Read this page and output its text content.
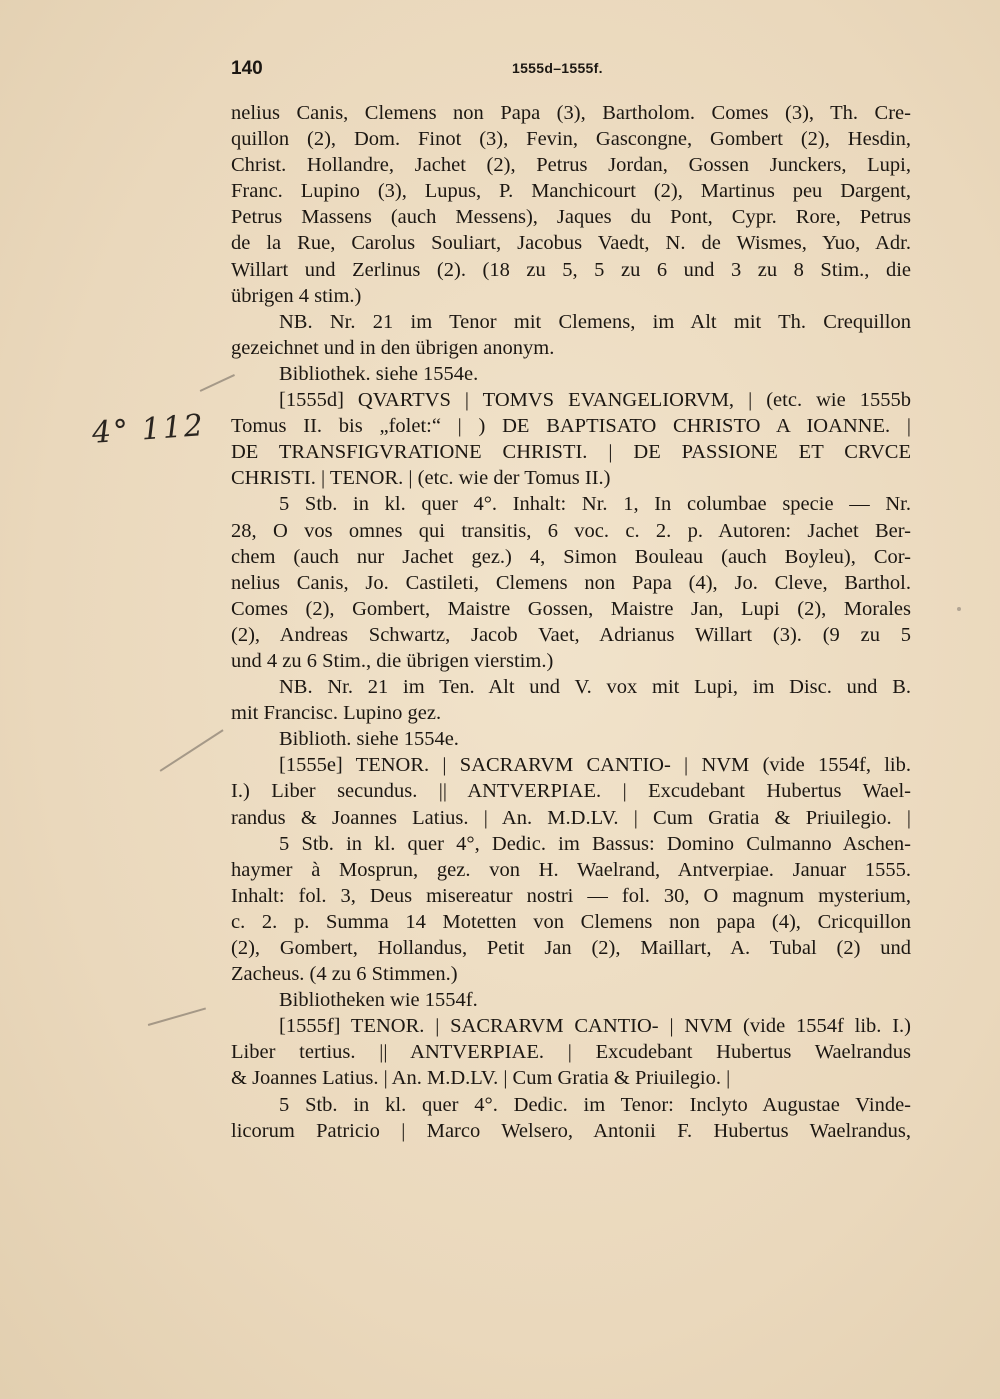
140	1555d–1555f.
4° 112
nelius Canis, Clemens non Papa (3), Bartholom. Comes (3), Th. Cre-
quillon (2), Dom. Finot (3), Fevin, Gascongne, Gombert (2), Hesdin,
Christ. Hollandre, Jachet (2), Petrus Jordan, Gossen Junckers, Lupi,
Franc. Lupino (3), Lupus, P. Manchicourt (2), Martinus peu Dargent,
Petrus Massens (auch Messens), Jaques du Pont, Cypr. Rore, Petrus
de la Rue, Carolus Souliart, Jacobus Vaedt, N. de Wismes, Yuo, Adr.
Willart und Zerlinus (2). (18 zu 5, 5 zu 6 und 3 zu 8 Stim., die
übrigen 4 stim.)
NB. Nr. 21 im Tenor mit Clemens, im Alt mit Th. Crequillon
gezeichnet und in den übrigen anonym.
Bibliothek. siehe 1554e.
[1555d] QVARTVS | TOMVS EVANGELIORVM, | (etc. wie 1555b
Tomus II. bis „folet:“ | ) DE BAPTISATO CHRISTO A IOANNE. |
DE TRANSFIGVRATIONE CHRISTI. | DE PASSIONE ET CRVCE
CHRISTI. | TENOR. | (etc. wie der Tomus II.)
5 Stb. in kl. quer 4°. Inhalt: Nr. 1, In columbae specie — Nr.
28, O vos omnes qui transitis, 6 voc. c. 2. p. Autoren: Jachet Ber-
chem (auch nur Jachet gez.) 4, Simon Bouleau (auch Boyleu), Cor-
nelius Canis, Jo. Castileti, Clemens non Papa (4), Jo. Cleve, Barthol.
Comes (2), Gombert, Maistre Gossen, Maistre Jan, Lupi (2), Morales
(2), Andreas Schwartz, Jacob Vaet, Adrianus Willart (3). (9 zu 5
und 4 zu 6 Stim., die übrigen vierstim.)
NB. Nr. 21 im Ten. Alt und V. vox mit Lupi, im Disc. und B.
mit Francisc. Lupino gez.
Biblioth. siehe 1554e.
[1555e] TENOR. | SACRARVM CANTIO- | NVM (vide 1554f, lib.
I.) Liber secundus. || ANTVERPIAE. | Excudebant Hubertus Wael-
randus & Joannes Latius. | An. M.D.LV. | Cum Gratia & Priuilegio. |
5 Stb. in kl. quer 4°, Dedic. im Bassus: Domino Culmanno Aschen-
haymer à Mosprun, gez. von H. Waelrand, Antverpiae. Januar 1555.
Inhalt: fol. 3, Deus misereatur nostri — fol. 30, O magnum mysterium,
c. 2. p. Summa 14 Motetten von Clemens non papa (4), Cricquillon
(2), Gombert, Hollandus, Petit Jan (2), Maillart, A. Tubal (2) und
Zacheus. (4 zu 6 Stimmen.)
Bibliotheken wie 1554f.
[1555f] TENOR. | SACRARVM CANTIO- | NVM (vide 1554f lib. I.)
Liber tertius. || ANTVERPIAE. | Excudebant Hubertus Waelrandus
& Joannes Latius. | An. M.D.LV. | Cum Gratia & Priuilegio. |
5 Stb. in kl. quer 4°. Dedic. im Tenor: Inclyto Augustae Vinde-
licorum Patricio | Marco Welsero, Antonii F. Hubertus Waelrandus,
